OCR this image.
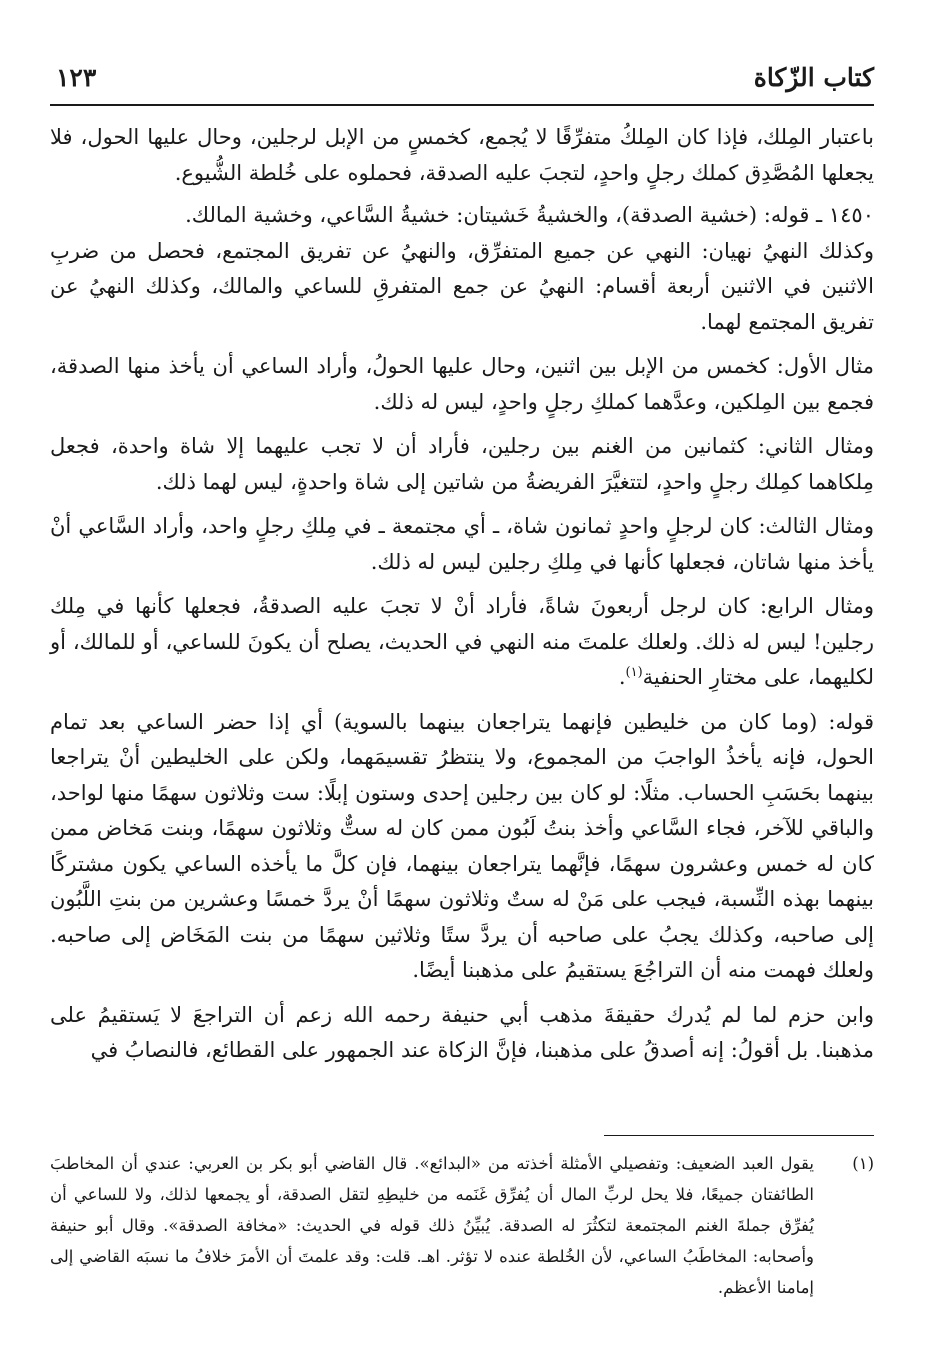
كتاب الزّكاة
١٢٣

باعتبار المِلك، فإذا كان المِلكُ متفرِّقًا لا يُجمع، كخمسٍ من الإبل لرجلين، وحال عليها الحول، فلا يجعلها المُصَّدِق كملك رجلٍ واحدٍ، لتجبَ عليه الصدقة، فحملوه على خُلطة الشُّيوع.

١٤٥٠ ـ قوله: (خشية الصدقة)، والخشيةُ خَشيتان: خشيةُ السَّاعي، وخشية المالك.

وكذلك النهيُ نهيان: النهي عن جميع المتفرِّق، والنهيُ عن تفريق المجتمع، فحصل من ضربِ الاثنين في الاثنين أربعة أقسام: النهيُ عن جمع المتفرقِ للساعي والمالك، وكذلك النهيُ عن تفريق المجتمع لهما.

مثال الأول: كخمس من الإبل بين اثنين، وحال عليها الحولُ، وأراد الساعي أن يأخذ منها الصدقة، فجمع بين المِلكين، وعدَّهما كملكِ رجلٍ واحدٍ، ليس له ذلك.

ومثال الثاني: كثمانين من الغنم بين رجلين، فأراد أن لا تجب عليهما إلا شاة واحدة، فجعل مِلكاهما كمِلك رجلٍ واحدٍ، لتتغيَّرَ الفريضةُ من شاتين إلى شاة واحدةٍ، ليس لهما ذلك.

ومثال الثالث: كان لرجلٍ واحدٍ ثمانون شاة، ـ أي مجتمعة ـ في مِلكِ رجلٍ واحد، وأراد السَّاعي أنْ يأخذ منها شاتان، فجعلها كأنها في مِلكِ رجلين ليس له ذلك.

ومثال الرابع: كان لرجل أربعونَ شاةً، فأراد أنْ لا تجبَ عليه الصدقةُ، فجعلها كأنها في مِلك رجلين! ليس له ذلك. ولعلك علمتَ منه النهي في الحديث، يصلح أن يكونَ للساعي، أو للمالك، أو لكليهما، على مختارِ الحنفية$^{(١)}$.

قوله: (وما كان من خليطين فإنهما يتراجعان بينهما بالسوية) أي إذا حضر الساعي بعد تمام الحول، فإنه يأخذُ الواجبَ من المجموع، ولا ينتظرُ تقسيمَهما، ولكن على الخليطين أنْ يتراجعا بينهما بحَسَبِ الحساب. مثلًا: لو كان بين رجلين إحدى وستون إبلًا: ست وثلاثون سهمًا منها لواحد، والباقي للآخر، فجاء السَّاعي وأخذ بنتُ لَبُون ممن كان له ستٌّ وثلاثون سهمًا، وبنت مَخاض ممن كان له خمس وعشرون سهمًا، فإنَّهما يتراجعان بينهما، فإن كلَّ ما يأخذه الساعي يكون مشتركًا بينهما بهذه النِّسبة، فيجب على مَنْ له ستٌ وثلاثون سهمًا أنْ يردَّ خمسًا وعشرين من بنتِ اللَّبُون إلى صاحبه، وكذلك يجبُ على صاحبه أن يردَّ ستًا وثلاثين سهمًا من بنت المَخَاض إلى صاحبه. ولعلك فهمت منه أن التراجُعَ يستقيمُ على مذهبنا أيضًا.

وابن حزم لما لم يُدرك حقيقةَ مذهب أبي حنيفة رحمه الله زعم أن التراجعَ لا يَستقيمُ على مذهبنا. بل أقولُ: إنه أصدقُ على مذهبنا، فإنَّ الزكاة عند الجمهور على القطائع، فالنصابُ في

(١)
يقول العبد الضعيف: وتفصيلي الأمثلة أخذته من «البدائع». قال القاضي أبو بكر بن العربي: عندي أن المخاطبَ الطائفتان جميعًا، فلا يحل لربِّ المال أن يُفرِّق غَنَمه من خليطِهِ لتقل الصدقة، أو يجمعها لذلك، ولا للساعي أن يُفرِّق جملةَ الغنم المجتمعة لتكثُرَ له الصدقة. يُبيِّنُ ذلك قوله في الحديث: «مخافة الصدقة». وقال أبو حنيفة وأصحابه: المخاطَبُ الساعي، لأن الخُلطة عنده لا تؤثر. اهـ. قلت: وقد علمتَ أن الأمرَ خلافُ ما نسبَه القاضي إلى إمامنا الأعظم.
